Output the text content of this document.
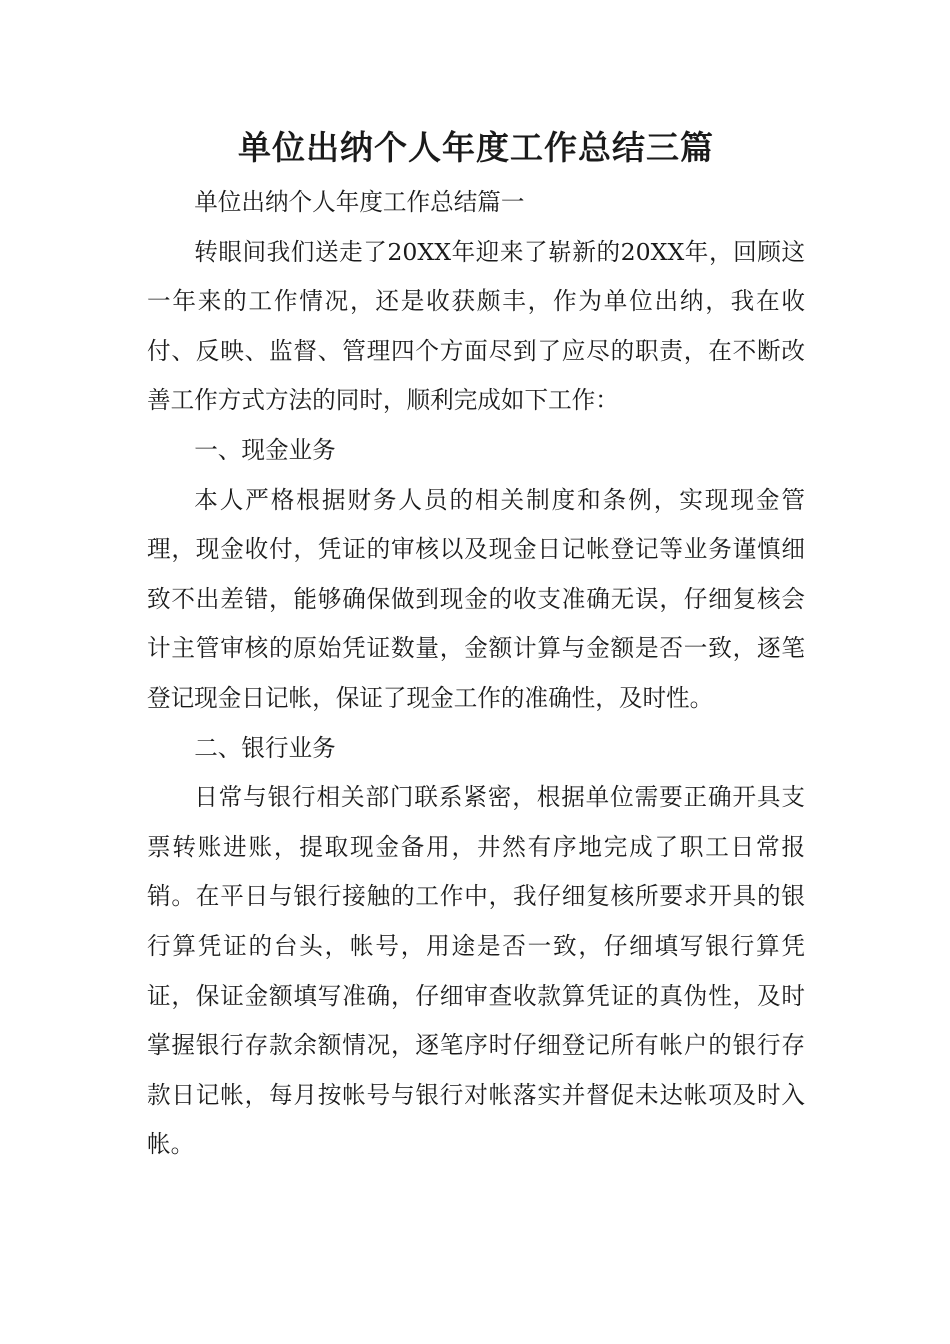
单位出纳个人年度工作总结三篇

单位出纳个人年度工作总结篇一

转眼间我们送走了20XX年迎来了崭新的20XX年，回顾这一年来的工作情况，还是收获颇丰，作为单位出纳，我在收付、反映、监督、管理四个方面尽到了应尽的职责，在不断改善工作方式方法的同时，顺利完成如下工作：

一、现金业务

本人严格根据财务人员的相关制度和条例，实现现金管理，现金收付，凭证的审核以及现金日记帐登记等业务谨慎细致不出差错，能够确保做到现金的收支准确无误，仔细复核会计主管审核的原始凭证数量，金额计算与金额是否一致，逐笔登记现金日记帐，保证了现金工作的准确性，及时性。

二、银行业务

日常与银行相关部门联系紧密，根据单位需要正确开具支票转账进账，提取现金备用，井然有序地完成了职工日常报销。在平日与银行接触的工作中，我仔细复核所要求开具的银行算凭证的台头，帐号，用途是否一致，仔细填写银行算凭证，保证金额填写准确，仔细审查收款算凭证的真伪性，及时掌握银行存款余额情况，逐笔序时仔细登记所有帐户的银行存款日记帐，每月按帐号与银行对帐落实并督促未达帐项及时入帐。
